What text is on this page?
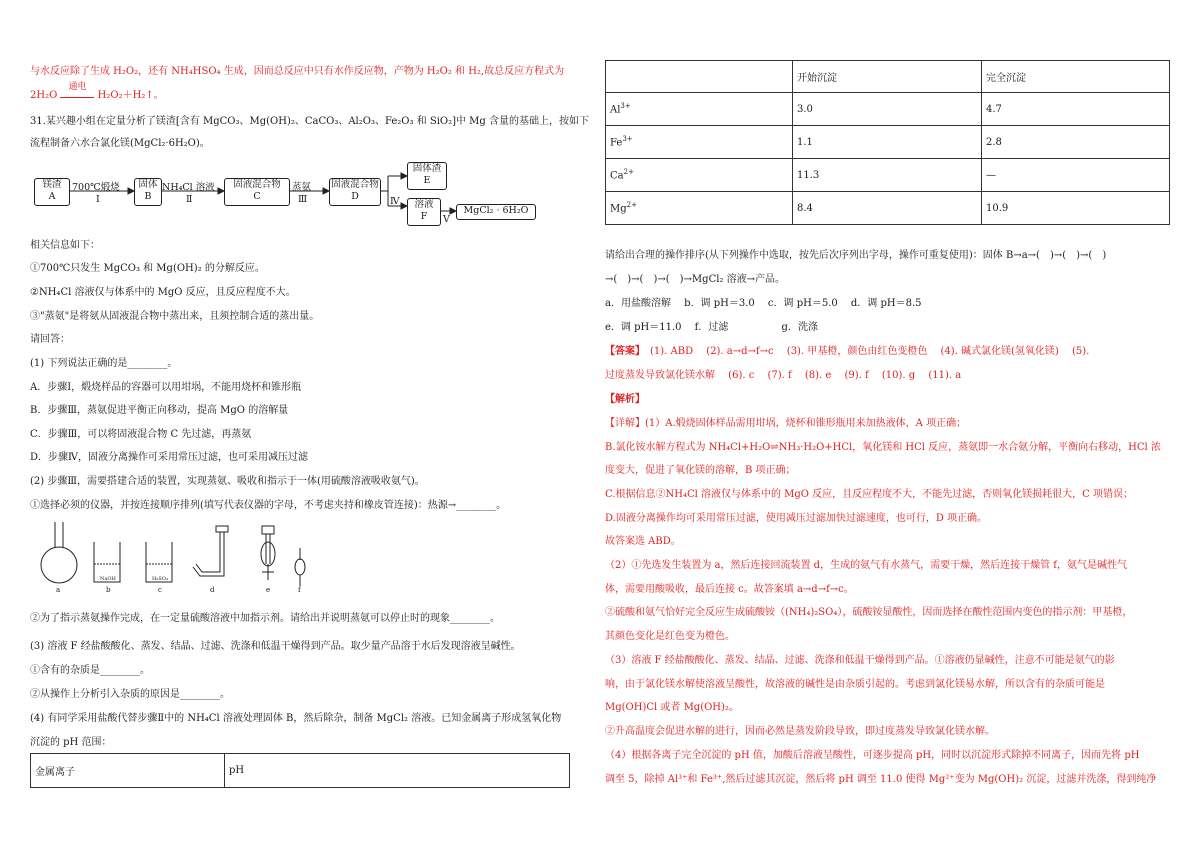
与水反应除了生成 H₂O₂，还有 NH₄HSO₄ 生成，因而总反应中只有水作反应物，产物为 H₂O₂ 和 H₂,故总反应方程式为
2H₂O
通电
H₂O₂＋H₂↑。
31.某兴趣小组在定量分析了镁渣[含有 MgCO₃、Mg(OH)₂、CaCO₃、Al₂O₃、Fe₂O₃ 和 SiO₂]中 Mg 含量的基础上，按如下
流程制备六水合氯化镁(MgCl₂·6H₂O)。
镁渣
A
700℃煅烧
Ⅰ
固体
B
NH₄Cl 溶液
Ⅱ
固液混合物
C
蒸氨
Ⅲ
固液混合物
D	Ⅳ
固体渣
E
溶液
F	Ⅴ
MgCl₂ · 6H₂O
相关信息如下：
①700℃只发生 MgCO₃ 和 Mg(OH)₂ 的分解反应。
②NH₄Cl 溶液仅与体系中的 MgO 反应，且反应程度不大。
③"蒸氨"是将氨从固液混合物中蒸出来，且须控制合适的蒸出量。
请回答：
(1) 下列说法正确的是________。
A．步骤Ⅰ，煅烧样品的容器可以用坩埚，不能用烧杯和锥形瓶
B．步骤Ⅲ，蒸氨促进平衡正向移动，提高 MgO 的溶解量
C．步骤Ⅲ，可以将固液混合物 C 先过滤，再蒸氨
D．步骤Ⅳ，固液分离操作可采用常压过滤，也可采用减压过滤
(2) 步骤Ⅲ，需要搭建合适的装置，实现蒸氨、吸收和指示于一体(用硫酸溶液吸收氨气)。
①选择必须的仪器，并按连接顺序排列(填写代表仪器的字母，不考虑夹持和橡皮管连接)：热源→________。
NaOH	H₂SO₄
a	b	c	d	e	f
②为了指示蒸氨操作完成，在一定量硫酸溶液中加指示剂。请给出并说明蒸氨可以停止时的现象________。
(3) 溶液 F 经盐酸酸化、蒸发、结晶、过滤、洗涤和低温干燥得到产品。取少量产品溶于水后发现溶液呈碱性。
①含有的杂质是________。
②从操作上分析引入杂质的原因是________。
(4) 有同学采用盐酸代替步骤Ⅱ中的 NH₄Cl 溶液处理固体 B，然后除杂，制备 MgCl₂ 溶液。已知金属离子形成氢氧化物
沉淀的 pH 范围：
金属离子	pH
	开始沉淀	完全沉淀
$Al^{3+}$	3.0	4.7
$Fe^{3+}$	1.1	2.8
$Ca^{2+}$	11.3	—
$Mg^{2+}$	8.4	10.9
请给出合理的操作排序(从下列操作中选取，按先后次序列出字母，操作可重复使用)：固体 B→a→(　)→(　)→(　)
→(　)→(　)→(　)→MgCl₂ 溶液→产品。
a．用盐酸溶解　 b．调 pH＝3.0　 c．调 pH＝5.0　 d．调 pH＝8.5
e．调 pH＝11.0　 f．过滤　　　　　 g．洗涤
【答案】　 (1). ABD　 (2). a→d→f→c　 (3). 甲基橙，颜色由红色变橙色　 (4). 碱式氯化镁(氢氧化镁)　 (5).
过度蒸发导致氯化镁水解　 (6). c　 (7). f　 (8). e　 (9). f　 (10). g　 (11). a
【解析】
【详解】(1）A.煅烧固体样品需用坩埚，烧杯和锥形瓶用来加热液体，A 项正确；
B.氯化铵水解方程式为 NH₄Cl+H₂O⇌NH₃·H₂O+HCl，氧化镁和 HCl 反应，蒸氨即一水合氨分解，平衡向右移动，HCl 浓
度变大，促进了氧化镁的溶解，B 项正确；
C.根据信息②NH₄Cl 溶液仅与体系中的 MgO 反应，且反应程度不大，不能先过滤，否则氧化镁损耗很大，C 项错误；
D.固液分离操作均可采用常压过滤，使用减压过滤加快过滤速度，也可行，D 项正确。
故答案选 ABD。
（2）①先选发生装置为 a，然后连接回流装置 d，生成的氨气有水蒸气，需要干燥，然后连接干燥管 f，氨气是碱性气
体，需要用酸吸收，最后连接 c。故答案填 a→d→f→c。
②硫酸和氨气恰好完全反应生成硫酸铵（(NH₄)₂SO₄），硫酸铵显酸性，因而选择在酸性范围内变色的指示剂：甲基橙，
其颜色变化是红色变为橙色。
（3）溶液 F 经盐酸酸化、蒸发、结晶、过滤、洗涤和低温干燥得到产品。①溶液仍显碱性，注意不可能是氨气的影
响，由于氯化镁水解使溶液呈酸性，故溶液的碱性是由杂质引起的。考虑到氯化镁易水解，所以含有的杂质可能是
Mg(OH)Cl 或者 Mg(OH)₂。
②升高温度会促进水解的进行，因而必然是蒸发阶段导致，即过度蒸发导致氯化镁水解。
（4）根据各离子完全沉淀的 pH 值，加酸后溶液呈酸性，可逐步提高 pH，同时以沉淀形式除掉不同离子，因而先将 pH
调至 5，除掉 Al³⁺和 Fe³⁺,然后过滤其沉淀，然后将 pH 调至 11.0 使得 Mg²⁺变为 Mg(OH)₂ 沉淀，过滤并洗涤，得到纯净
